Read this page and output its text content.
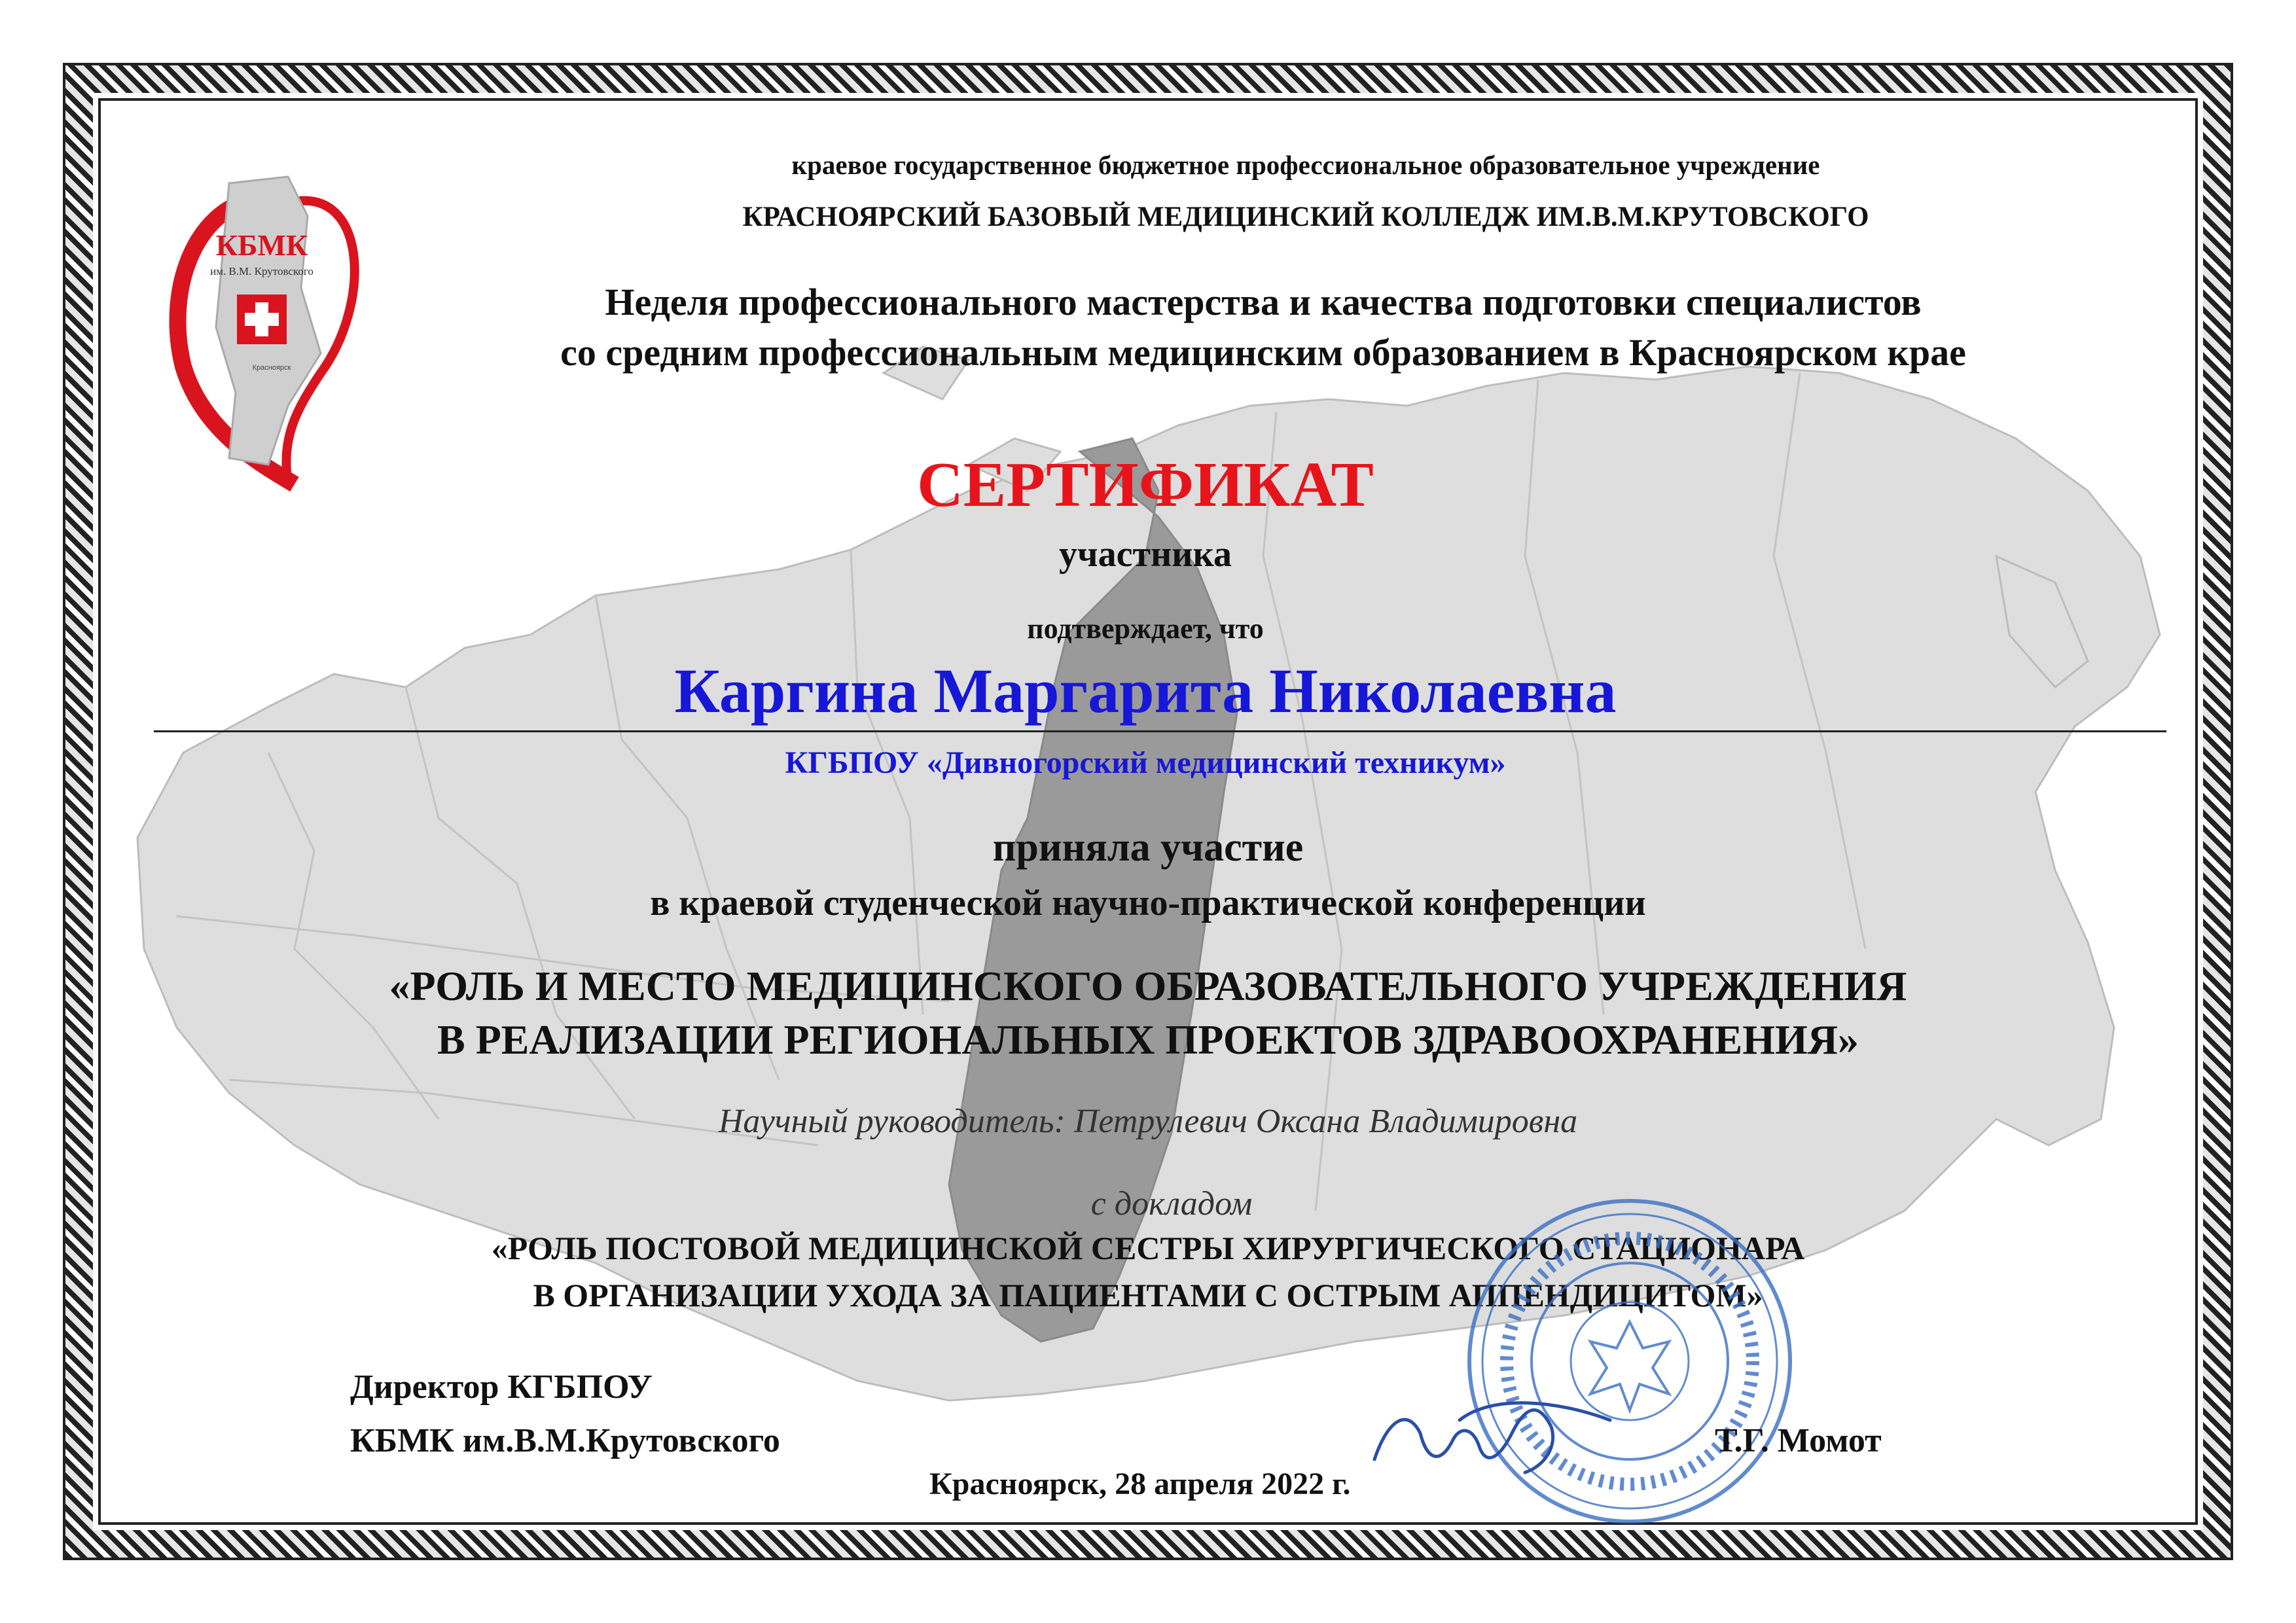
КБМК
им. В.М. Крутовского
Красноярск
краевое государственное бюджетное профессиональное образовательное учреждение
КРАСНОЯРСКИЙ БАЗОВЫЙ МЕДИЦИНСКИЙ КОЛЛЕДЖ ИМ.В.М.КРУТОВСКОГО
Неделя профессионального мастерства и качества подготовки специалистов
со средним профессиональным медицинским образованием в Красноярском крае
СЕРТИФИКАТ
участника
подтверждает, что
Каргина Маргарита Николаевна
КГБПОУ «Дивногорский медицинский техникум»
приняла участие
в краевой студенческой научно-практической конференции
«РОЛЬ И МЕСТО МЕДИЦИНСКОГО ОБРАЗОВАТЕЛЬНОГО УЧРЕЖДЕНИЯ
В РЕАЛИЗАЦИИ РЕГИОНАЛЬНЫХ ПРОЕКТОВ ЗДРАВООХРАНЕНИЯ»
Научный руководитель: Петрулевич Оксана Владимировна
с докладом
«РОЛЬ ПОСТОВОЙ МЕДИЦИНСКОЙ СЕСТРЫ ХИРУРГИЧЕСКОГО СТАЦИОНАРА
В ОРГАНИЗАЦИИ УХОДА ЗА ПАЦИЕНТАМИ С ОСТРЫМ АППЕНДИЦИТОМ»
Директор КГБПОУ
КБМК им.В.М.Крутовского	Т.Г. Момот
Красноярск, 28 апреля 2022 г.
